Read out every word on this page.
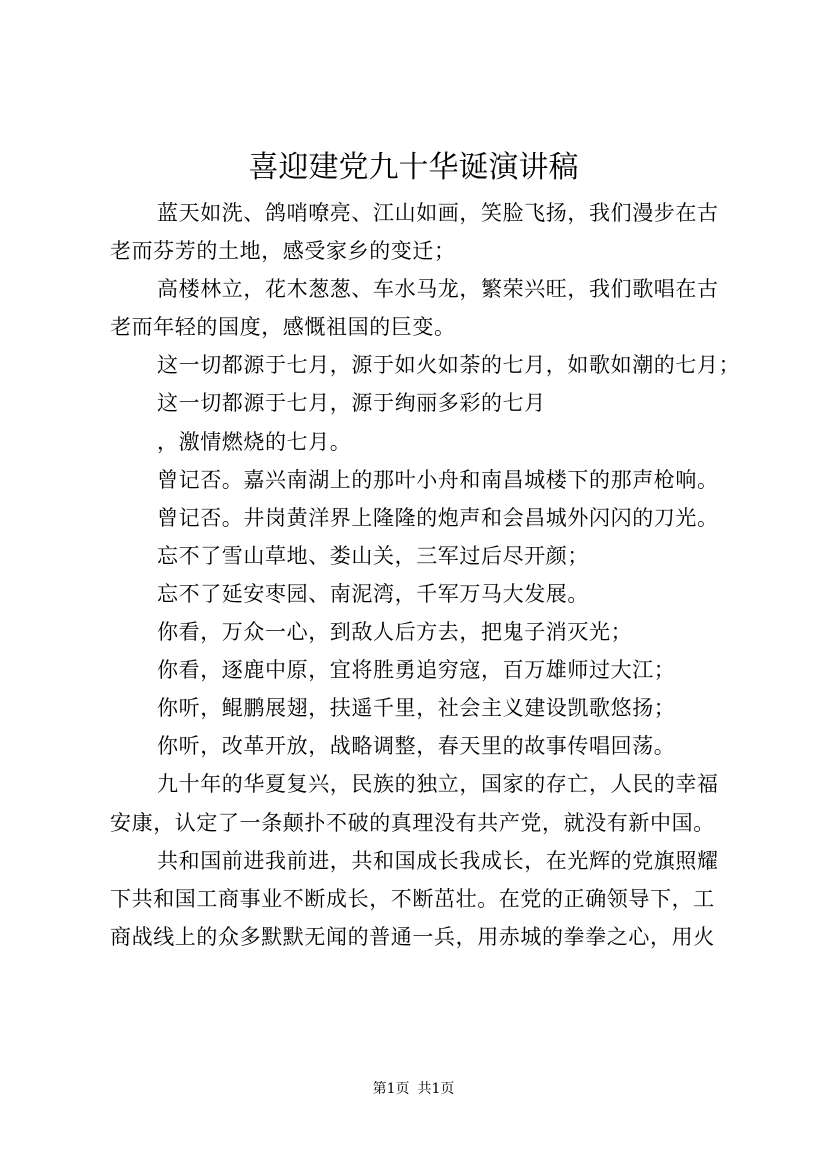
喜迎建党九十华诞演讲稿
蓝天如洗、鸽哨嘹亮、江山如画，笑脸飞扬，我们漫步在古
老而芬芳的土地，感受家乡的变迁；
高楼林立，花木葱葱、车水马龙，繁荣兴旺，我们歌唱在古
老而年轻的国度，感慨祖国的巨变。
这一切都源于七月，源于如火如荼的七月，如歌如潮的七月；
这一切都源于七月，源于绚丽多彩的七月
，激情燃烧的七月。
曾记否。嘉兴南湖上的那叶小舟和南昌城楼下的那声枪响。
曾记否。井岗黄洋界上隆隆的炮声和会昌城外闪闪的刀光。
忘不了雪山草地、娄山关，三军过后尽开颜；
忘不了延安枣园、南泥湾，千军万马大发展。
你看，万众一心，到敌人后方去，把鬼子消灭光；
你看，逐鹿中原，宜将胜勇追穷寇，百万雄师过大江；
你听，鲲鹏展翅，扶遥千里，社会主义建设凯歌悠扬；
你听，改革开放，战略调整，春天里的故事传唱回荡。
九十年的华夏复兴，民族的独立，国家的存亡，人民的幸福
安康，认定了一条颠扑不破的真理没有共产党，就没有新中国。
共和国前进我前进，共和国成长我成长，在光辉的党旗照耀
下共和国工商事业不断成长，不断茁壮。在党的正确领导下，工
商战线上的众多默默无闻的普通一兵，用赤城的拳拳之心，用火
第1页 共1页
